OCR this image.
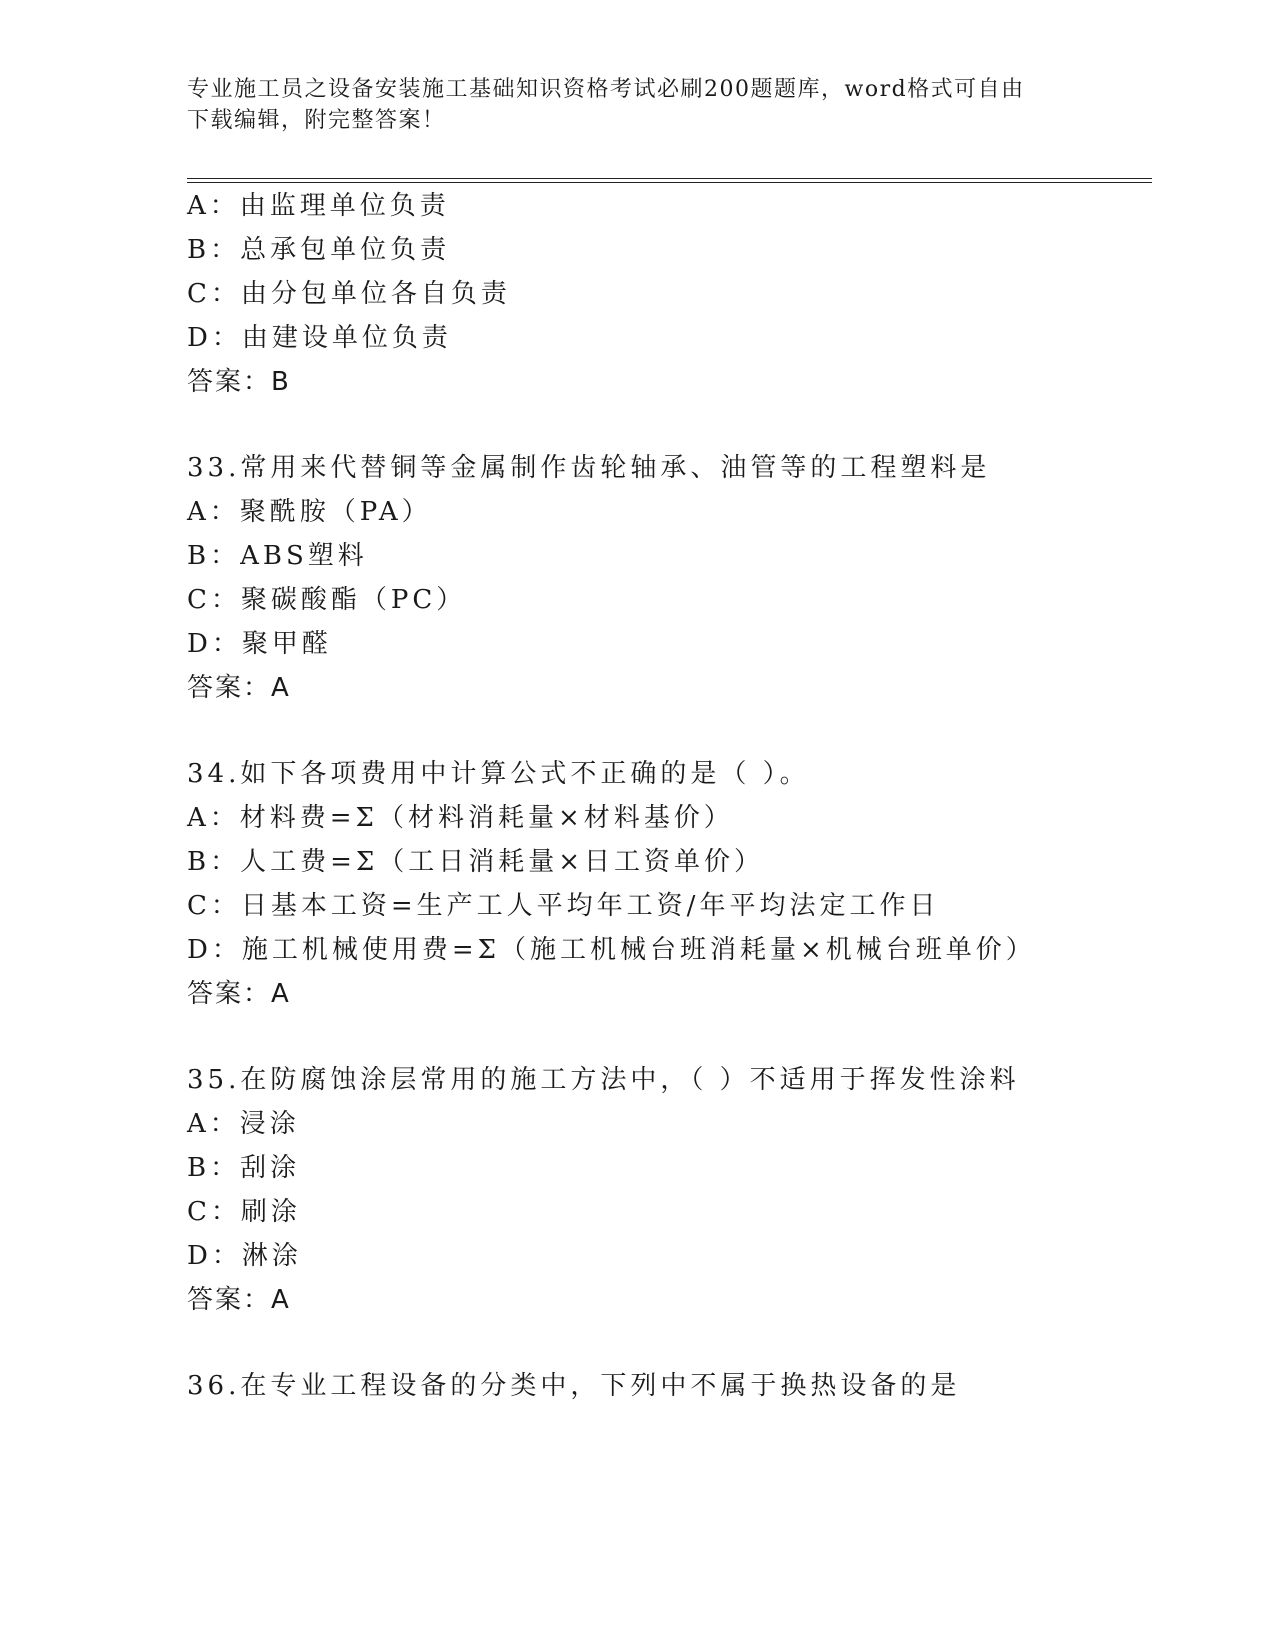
专业施工员之设备安装施工基础知识资格考试必刷200题题库，word格式可自由
下载编辑，附完整答案！
A：由监理单位负责
B：总承包单位负责
C：由分包单位各自负责
D：由建设单位负责
答案：B
33.常用来代替铜等金属制作齿轮轴承、油管等的工程塑料是
A：聚酰胺（PA）
B：ABS塑料
C：聚碳酸酯（PC）
D：聚甲醛
答案：A
34.如下各项费用中计算公式不正确的是（ ）。
A：材料费=Σ（材料消耗量×材料基价）
B：人工费=Σ（工日消耗量×日工资单价）
C：日基本工资=生产工人平均年工资/年平均法定工作日
D：施工机械使用费=Σ（施工机械台班消耗量×机械台班单价）
答案：A
35.在防腐蚀涂层常用的施工方法中，（ ）不适用于挥发性涂料
A：浸涂
B：刮涂
C：刷涂
D：淋涂
答案：A
36.在专业工程设备的分类中，下列中不属于换热设备的是
